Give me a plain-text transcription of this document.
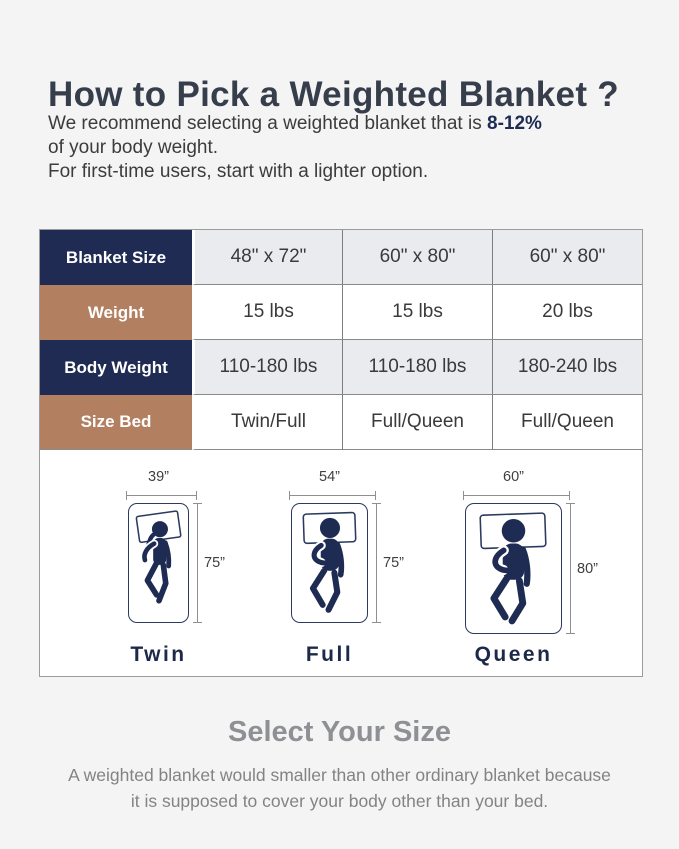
How to Pick a Weighted Blanket ?
We recommend selecting a weighted blanket that is 8-12%
of your body weight.
For first-time users, start with a lighter option.
Blanket Size	48" x 72"	60" x 80"	60" x 80"
Weight	15 lbs	15 lbs	20 lbs
Body Weight	110-180 lbs	110-180 lbs	180-240 lbs
Size Bed	Twin/Full	Full/Queen	Full/Queen
39”
75”
Twin
54”
75”
Full
60”
80”
Queen
Select Your Size
A weighted blanket would smaller than other ordinary blanket because
it is supposed to cover your body other than your bed.
